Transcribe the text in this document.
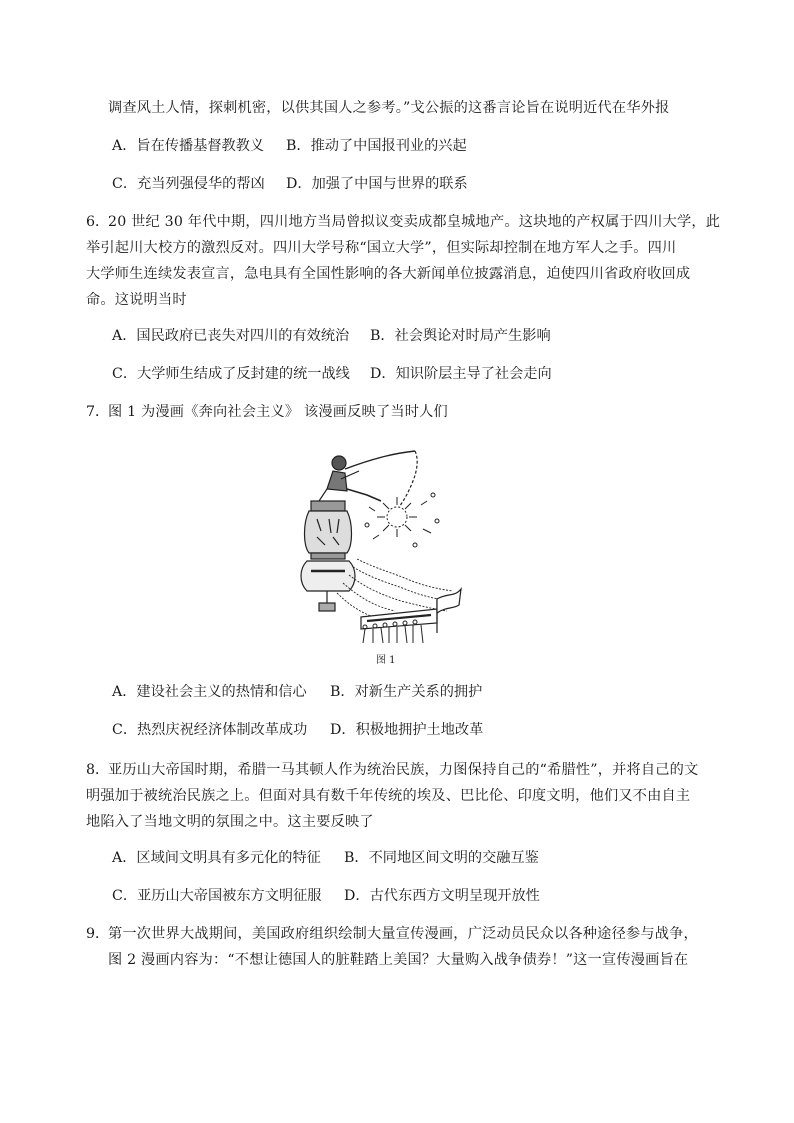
调查风土人情，探刺机密，以供其国人之参考。”戈公振的这番言论旨在说明近代在华外报
A．旨在传播基督教教义 B．推动了中国报刊业的兴起
C．充当列强侵华的帮凶 D．加强了中国与世界的联系
6．
20 世纪 30 年代中期，四川地方当局曾拟议变卖成都皇城地产。这块地的产权属于四川大学，此
举引起川大校方的激烈反对。四川大学号称“国立大学”，但实际却控制在地方军人之手。四川
大学师生连续发表宣言，急电具有全国性影响的各大新闻单位披露消息，迫使四川省政府收回成
命。这说明当时
A．国民政府已丧失对四川的有效统治 B．社会舆论对时局产生影响
C．大学师生结成了反封建的统一战线 D．知识阶层主导了社会走向
7．
图 1 为漫画《奔向社会主义》 该漫画反映了当时人们
图 1
A．建设社会主义的热情和信心 B．对新生产关系的拥护
C．热烈庆祝经济体制改革成功 D．积极地拥护土地改革
8．
亚历山大帝国时期，希腊一马其顿人作为统治民族，力图保持自己的“希腊性”，并将自己的文
明强加于被统治民族之上。但面对具有数千年传统的埃及、巴比伦、印度文明，他们又不由自主
地陷入了当地文明的氛围之中。这主要反映了
A．区域间文明具有多元化的特征 B．不同地区间文明的交融互鉴
C．亚历山大帝国被东方文明征服 D．古代东西方文明呈现开放性
9．
第一次世界大战期间，美国政府组织绘制大量宣传漫画，广泛动员民众以各种途径参与战争，
图 2 漫画内容为：“不想让德国人的脏鞋踏上美国？大量购入战争债券！”这一宣传漫画旨在
